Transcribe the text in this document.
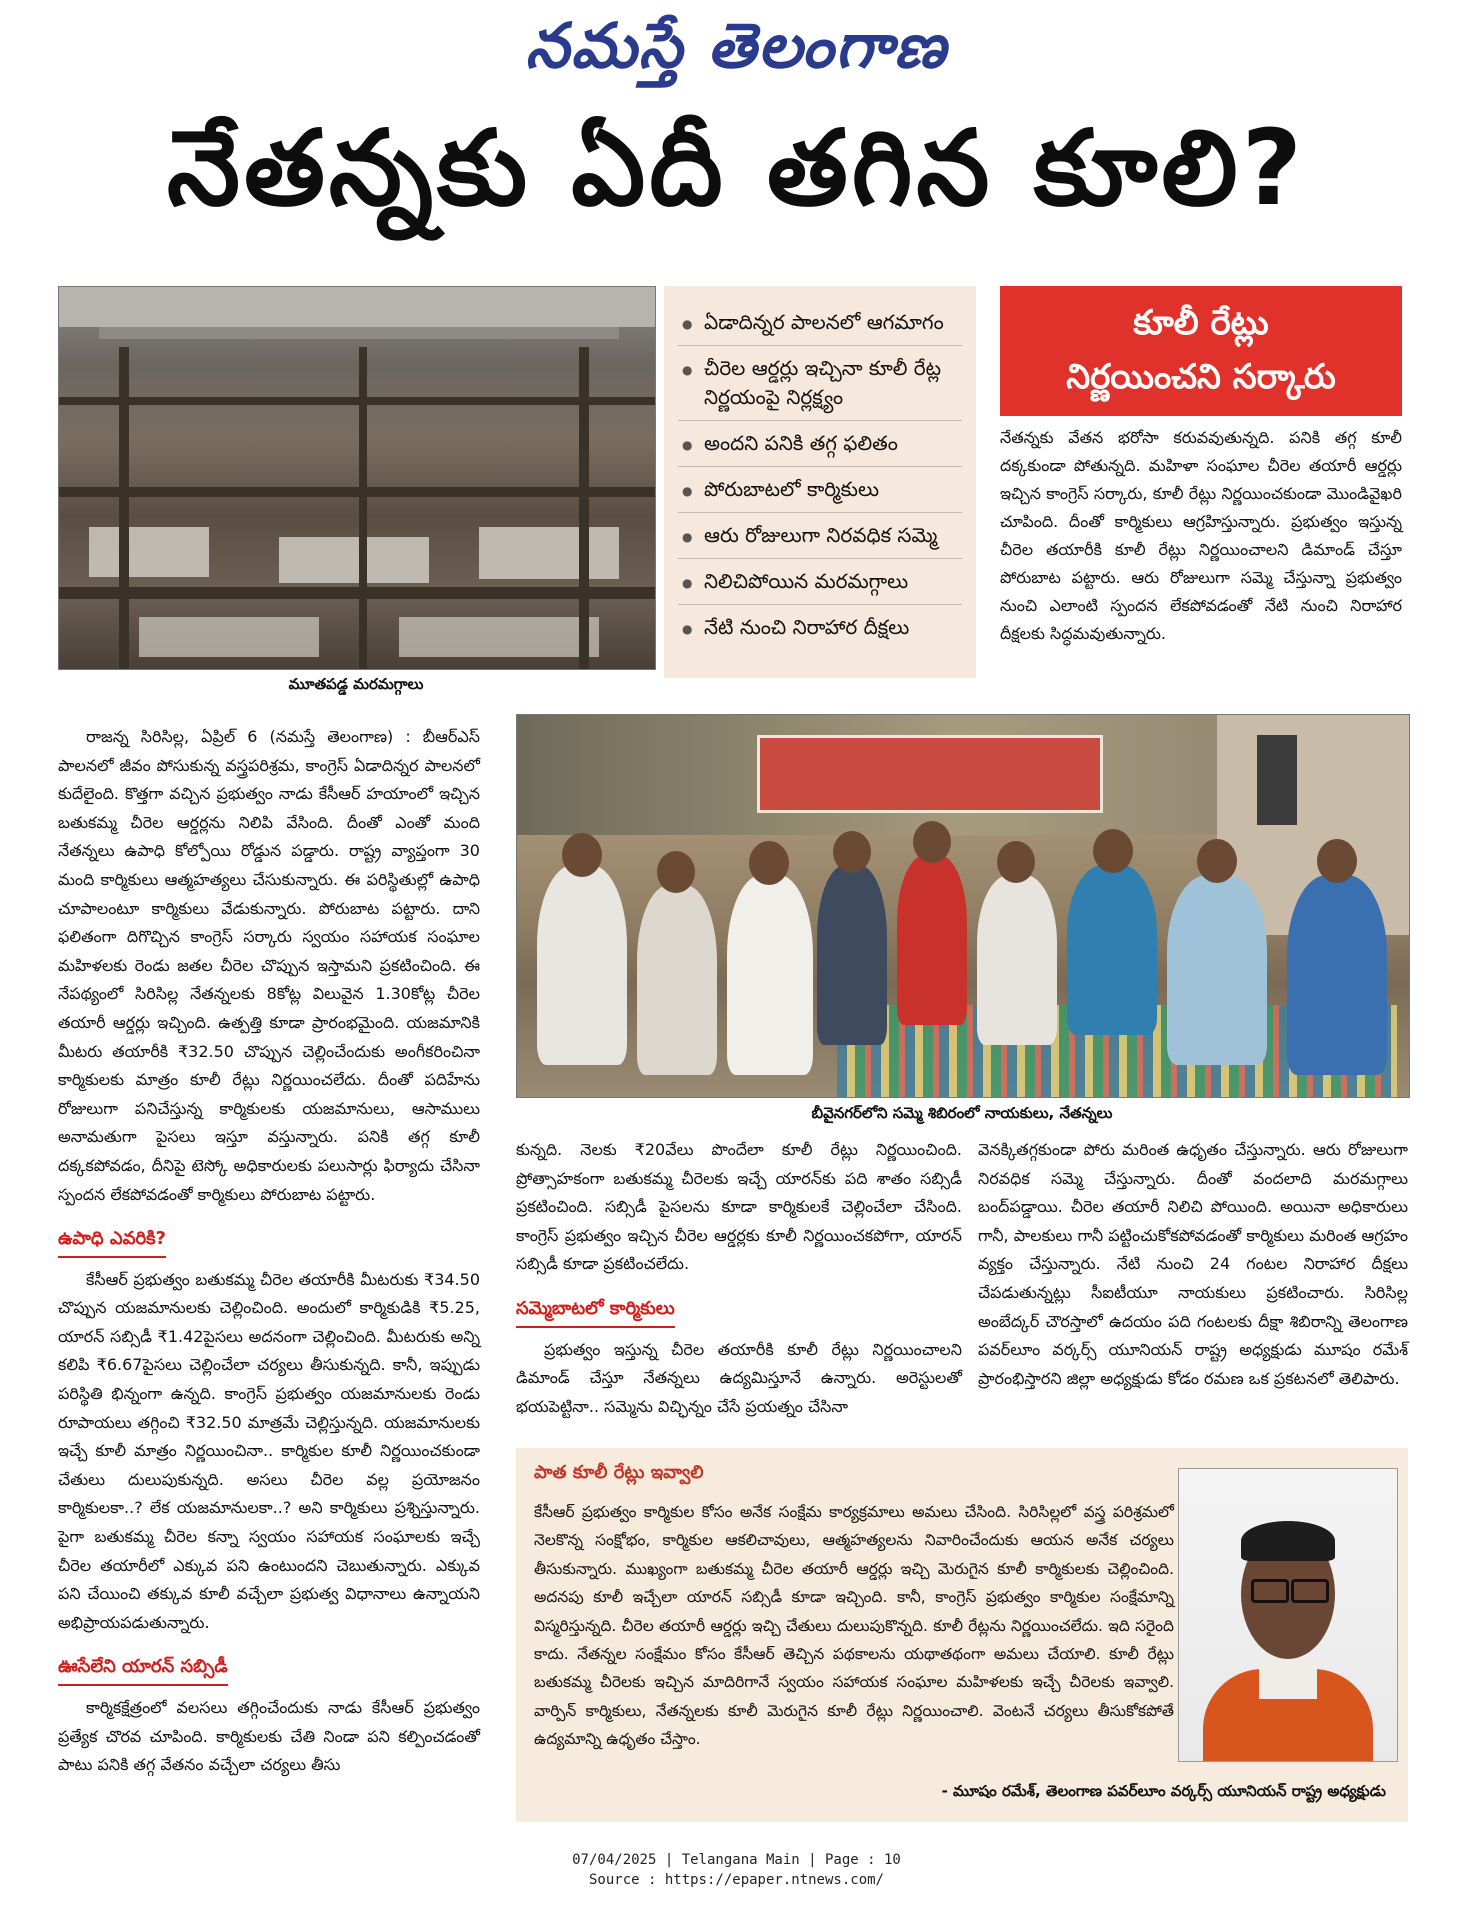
నమస్తే తెలంగాణ
నేతన్నకు ఏదీ తగిన కూలి?
మూతపడ్డ మరమగ్గాలు
● ఏడాదిన్నర పాలనలో ఆగమాగం
● చీరెల ఆర్డర్లు ఇచ్చినా కూలీ రేట్ల నిర్ణయంపై నిర్లక్ష్యం
● అందని పనికి తగ్గ ఫలితం
● పోరుబాటలో కార్మికులు
● ఆరు రోజులుగా నిరవధిక సమ్మె
● నిలిచిపోయిన మరమగ్గాలు
● నేటి నుంచి నిరాహార దీక్షలు
కూలీ రేట్లు
నిర్ణయించని సర్కారు
నేతన్నకు వేతన భరోసా కరువవుతున్నది. పనికి తగ్గ కూలీ దక్కకుండా పోతున్నది. మహిళా సంఘాల చీరెల తయారీ ఆర్డర్లు ఇచ్చిన కాంగ్రెస్ సర్కారు, కూలీ రేట్లు నిర్ణయించకుండా మొండివైఖరి చూపింది. దీంతో కార్మికులు ఆగ్రహిస్తున్నారు. ప్రభుత్వం ఇస్తున్న చీరెల తయారీకి కూలీ రేట్లు నిర్ణయించాలని డిమాండ్ చేస్తూ పోరుబాట పట్టారు. ఆరు రోజులుగా సమ్మె చేస్తున్నా ప్రభుత్వం నుంచి ఎలాంటి స్పందన లేకపోవడంతో నేటి నుంచి నిరాహార దీక్షలకు సిద్ధమవుతున్నారు.

రాజన్న సిరిసిల్ల, ఏప్రిల్ 6 (నమస్తే తెలంగాణ) : బీఆర్ఎస్ పాలనలో జీవం పోసుకున్న వస్త్రపరిశ్రమ, కాంగ్రెస్ ఏడాదిన్నర పాలనలో కుదేలైంది. కొత్తగా వచ్చిన ప్రభుత్వం నాడు కేసీఆర్ హయాంలో ఇచ్చిన బతుకమ్మ చీరెల ఆర్డర్లను నిలిపి వేసింది. దీంతో ఎంతో మంది నేతన్నలు ఉపాధి కోల్పోయి రోడ్డున పడ్డారు. రాష్ట్ర వ్యాప్తంగా 30 మంది కార్మికులు ఆత్మహత్యలు చేసుకున్నారు. ఈ పరిస్థితుల్లో ఉపాధి చూపాలంటూ కార్మికులు వేడుకున్నారు. పోరుబాట పట్టారు. దాని ఫలితంగా దిగొచ్చిన కాంగ్రెస్ సర్కారు స్వయం సహాయక సంఘాల మహిళలకు రెండు జతల చీరెల చొప్పున ఇస్తామని ప్రకటించింది. ఈ నేపథ్యంలో సిరిసిల్ల నేతన్నలకు 8కోట్ల విలువైన 1.30కోట్ల చీరెల తయారీ ఆర్డర్లు ఇచ్చింది. ఉత్పత్తి కూడా ప్రారంభమైంది. యజమానికి మీటరు తయారీకి ₹32.50 చొప్పున చెల్లించేందుకు అంగీకరించినా కార్మికులకు మాత్రం కూలీ రేట్లు నిర్ణయించలేదు. దీంతో పదిహేను రోజులుగా పనిచేస్తున్న కార్మికులకు యజమానులు, ఆసాములు అనామతుగా పైసలు ఇస్తూ వస్తున్నారు. పనికి తగ్గ కూలీ దక్కకపోవడం, దీనిపై టెస్కో అధికారులకు పలుసార్లు ఫిర్యాదు చేసినా స్పందన లేకపోవడంతో కార్మికులు పోరుబాట పట్టారు.

ఉపాధి ఎవరికి?

కేసీఆర్ ప్రభుత్వం బతుకమ్మ చీరెల తయారీకి మీటరుకు ₹34.50 చొప్పున యజమానులకు చెల్లించింది. అందులో కార్మికుడికి ₹5.25, యారన్ సబ్సిడీ ₹1.42పైసలు అదనంగా చెల్లించింది. మీటరుకు అన్ని కలిపి ₹6.67పైసలు చెల్లించేలా చర్యలు తీసుకున్నది. కానీ, ఇప్పుడు పరిస్థితి భిన్నంగా ఉన్నది. కాంగ్రెస్ ప్రభుత్వం యజమానులకు రెండు రూపాయలు తగ్గించి ₹32.50 మాత్రమే చెల్లిస్తున్నది. యజమానులకు ఇచ్చే కూలీ మాత్రం నిర్ణయించినా.. కార్మికుల కూలీ నిర్ణయించకుండా చేతులు దులుపుకున్నది. అసలు చీరెల వల్ల ప్రయోజనం కార్మికులకా..? లేక యజమానులకా..? అని కార్మికులు ప్రశ్నిస్తున్నారు. పైగా బతుకమ్మ చీరెల కన్నా స్వయం సహాయక సంఘాలకు ఇచ్చే చీరెల తయారీలో ఎక్కువ పని ఉంటుందని చెబుతున్నారు. ఎక్కువ పని చేయించి తక్కువ కూలీ వచ్చేలా ప్రభుత్వ విధానాలు ఉన్నాయని అభిప్రాయపడుతున్నారు.

ఊసేలేని యారన్ సబ్సిడీ

కార్మికక్షేత్రంలో వలసలు తగ్గించేందుకు నాడు కేసీఆర్ ప్రభుత్వం ప్రత్యేక చొరవ చూపింది. కార్మికులకు చేతి నిండా పని కల్పించడంతో పాటు పనికి తగ్గ వేతనం వచ్చేలా చర్యలు తీసు

బీవైనగర్‌లోని సమ్మె శిబిరంలో నాయకులు, నేతన్నలు

కున్నది. నెలకు ₹20వేలు పొందేలా కూలీ రేట్లు నిర్ణయించింది. ప్రోత్సాహకంగా బతుకమ్మ చీరెలకు ఇచ్చే యారన్‌కు పది శాతం సబ్సిడీ ప్రకటించింది. సబ్సిడీ పైసలను కూడా కార్మికులకే చెల్లించేలా చేసింది. కాంగ్రెస్ ప్రభుత్వం ఇచ్చిన చీరెల ఆర్డర్లకు కూలీ నిర్ణయించకపోగా, యారన్ సబ్సిడీ కూడా ప్రకటించలేదు.

సమ్మెబాటలో కార్మికులు

ప్రభుత్వం ఇస్తున్న చీరెల తయారీకి కూలీ రేట్లు నిర్ణయించాలని డిమాండ్ చేస్తూ నేతన్నలు ఉద్యమిస్తూనే ఉన్నారు. అరెస్టులతో భయపెట్టినా.. సమ్మెను విచ్ఛిన్నం చేసే ప్రయత్నం చేసినా

వెనక్కితగ్గకుండా పోరు మరింత ఉధృతం చేస్తున్నారు. ఆరు రోజులుగా నిరవధిక సమ్మె చేస్తున్నారు. దీంతో వందలాది మరమగ్గాలు బంద్‌పడ్డాయి. చీరెల తయారీ నిలిచి పోయింది. అయినా అధికారులు గానీ, పాలకులు గానీ పట్టించుకోకపోవడంతో కార్మికులు మరింత ఆగ్రహం వ్యక్తం చేస్తున్నారు. నేటి నుంచి 24 గంటల నిరాహార దీక్షలు చేపడుతున్నట్లు సీఐటీయూ నాయకులు ప్రకటించారు. సిరిసిల్ల అంబేద్కర్ చౌరస్తాలో ఉదయం పది గంటలకు దీక్షా శిబిరాన్ని తెలంగాణ పవర్‌లూం వర్కర్స్ యూనియన్ రాష్ట్ర అధ్యక్షుడు మూషం రమేశ్ ప్రారంభిస్తారని జిల్లా అధ్యక్షుడు కోడం రమణ ఒక ప్రకటనలో తెలిపారు.

పాత కూలీ రేట్లు ఇవ్వాలి
కేసీఆర్ ప్రభుత్వం కార్మికుల కోసం అనేక సంక్షేమ కార్యక్రమాలు అమలు చేసింది. సిరిసిల్లలో వస్త్ర పరిశ్రమలో నెలకొన్న సంక్షోభం, కార్మికుల ఆకలిచావులు, ఆత్మహత్యలను నివారించేందుకు ఆయన అనేక చర్యలు తీసుకున్నారు. ముఖ్యంగా బతుకమ్మ చీరెల తయారీ ఆర్డర్లు ఇచ్చి మెరుగైన కూలీ కార్మికులకు చెల్లించింది. అదనపు కూలీ ఇచ్చేలా యారన్ సబ్సిడీ కూడా ఇచ్చింది. కానీ, కాంగ్రెస్ ప్రభుత్వం కార్మికుల సంక్షేమాన్ని విస్మరిస్తున్నది. చీరెల తయారీ ఆర్డర్లు ఇచ్చి చేతులు దులుపుకొన్నది. కూలీ రేట్లను నిర్ణయించలేదు. ఇది సరైంది కాదు. నేతన్నల సంక్షేమం కోసం కేసీఆర్ తెచ్చిన పథకాలను యథాతథంగా అమలు చేయాలి. కూలీ రేట్లు బతుకమ్మ చీరెలకు ఇచ్చిన మాదిరిగానే స్వయం సహాయక సంఘాల మహిళలకు ఇచ్చే చీరెలకు ఇవ్వాలి. వార్పిన్ కార్మికులు, నేతన్నలకు కూలీ మెరుగైన కూలీ రేట్లు నిర్ణయించాలి. వెంటనే చర్యలు తీసుకోకపోతే ఉద్యమాన్ని ఉధృతం చేస్తాం.
- మూషం రమేశ్, తెలంగాణ పవర్‌లూం వర్కర్స్ యూనియన్ రాష్ట్ర అధ్యక్షుడు
07/04/2025 | Telangana Main | Page : 10
Source : https://epaper.ntnews.com/
